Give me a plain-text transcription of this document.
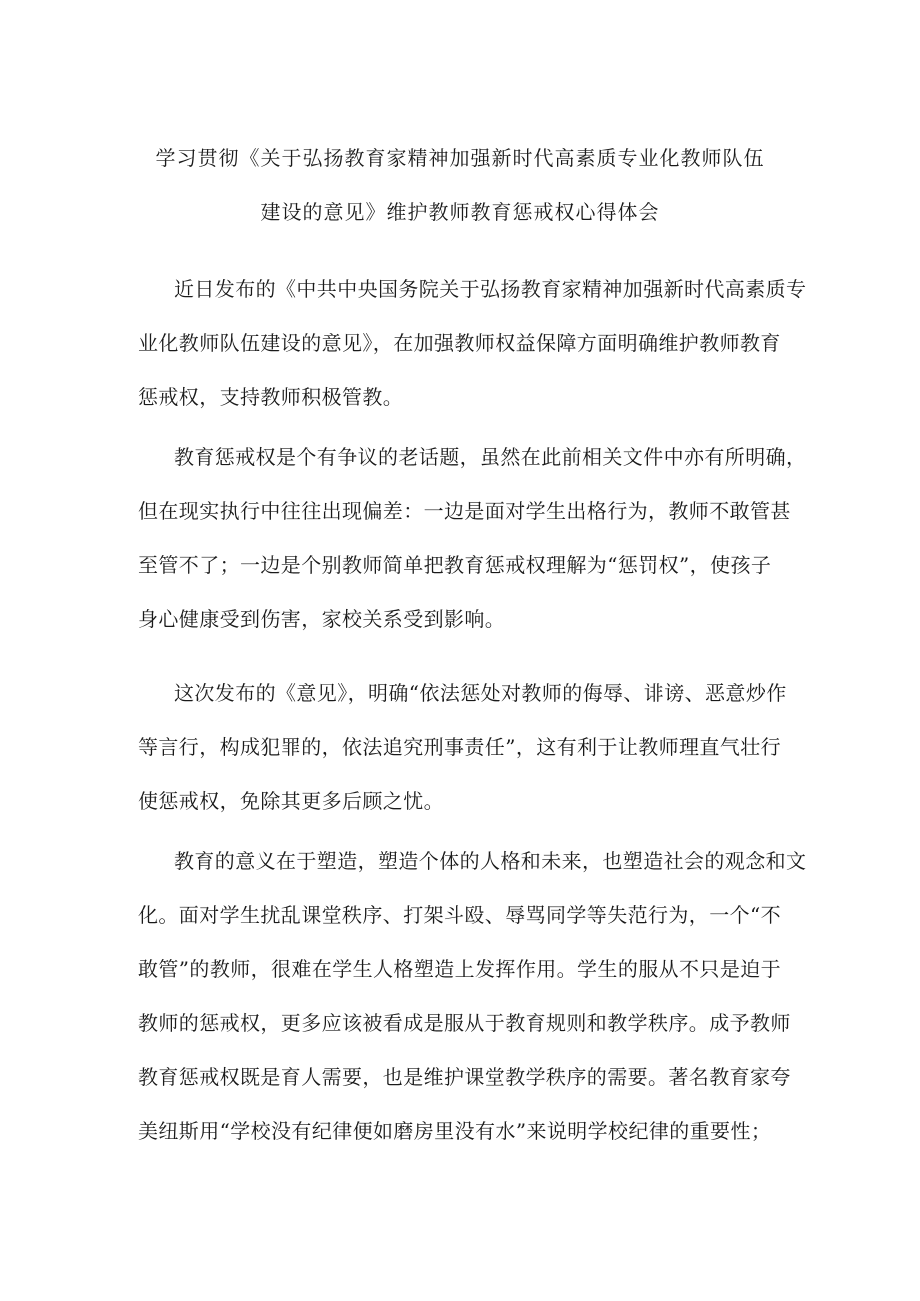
学习贯彻《关于弘扬教育家精神加强新时代高素质专业化教师队伍
建设的意见》维护教师教育惩戒权心得体会
近日发布的《中共中央国务院关于弘扬教育家精神加强新时代高素质专
业化教师队伍建设的意见》，在加强教师权益保障方面明确维护教师教育
惩戒权，支持教师积极管教。
教育惩戒权是个有争议的老话题，虽然在此前相关文件中亦有所明确，
但在现实执行中往往出现偏差：一边是面对学生出格行为，教师不敢管甚
至管不了；一边是个别教师简单把教育惩戒权理解为“惩罚权”，使孩子
身心健康受到伤害，家校关系受到影响。
这次发布的《意见》，明确“依法惩处对教师的侮辱、诽谤、恶意炒作
等言行，构成犯罪的，依法追究刑事责任”，这有利于让教师理直气壮行
使惩戒权，免除其更多后顾之忧。
教育的意义在于塑造，塑造个体的人格和未来，也塑造社会的观念和文
化。面对学生扰乱课堂秩序、打架斗殴、辱骂同学等失范行为，一个“不
敢管”的教师，很难在学生人格塑造上发挥作用。学生的服从不只是迫于
教师的惩戒权，更多应该被看成是服从于教育规则和教学秩序。成予教师
教育惩戒权既是育人需要，也是维护课堂教学秩序的需要。著名教育家夸
美纽斯用“学校没有纪律便如磨房里没有水”来说明学校纪律的重要性；
